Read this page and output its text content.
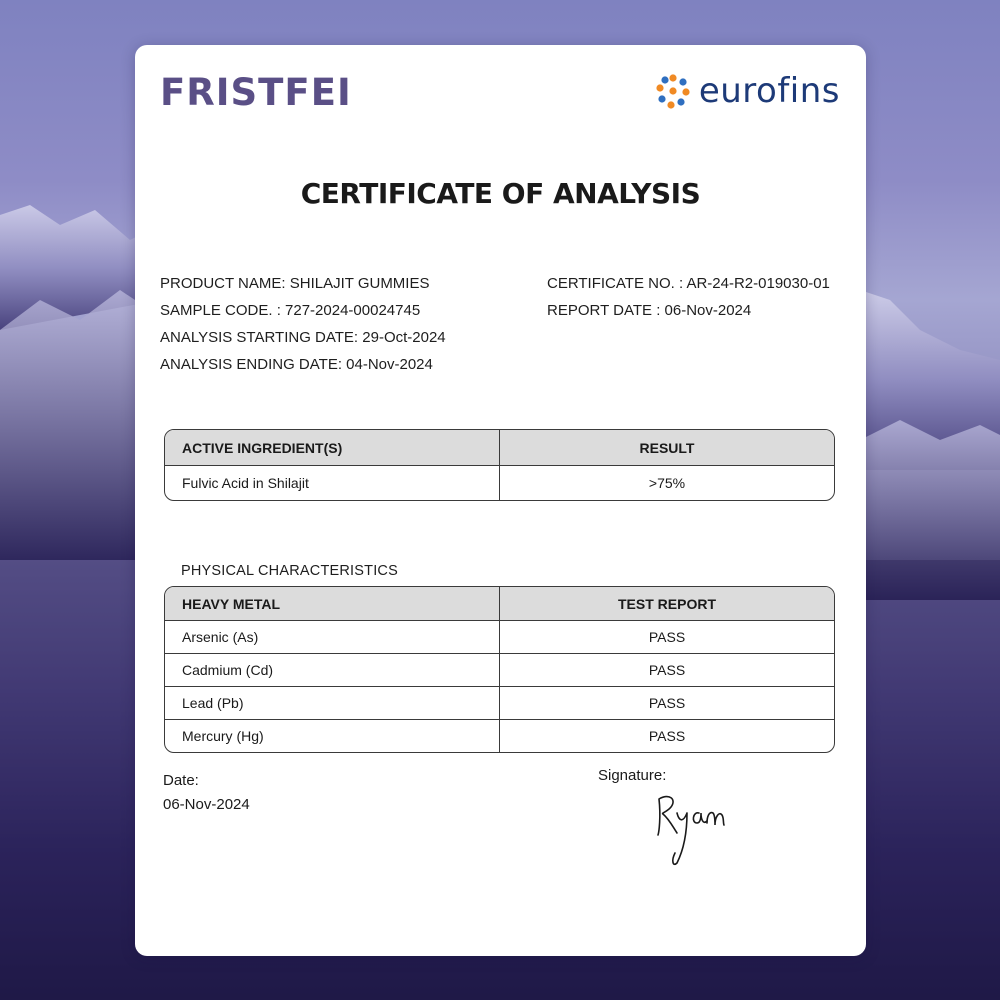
FRISTFEI	eurofins
CERTIFICATE OF ANALYSIS
PRODUCT NAME: SHILAJIT GUMMIES
SAMPLE CODE. : 727-2024-00024745
ANALYSIS STARTING DATE: 29-Oct-2024
ANALYSIS ENDING DATE: 04-Nov-2024
CERTIFICATE NO. : AR-24-R2-019030-01
REPORT DATE : 06-Nov-2024
ACTIVE INGREDIENT(S)	RESULT
Fulvic Acid in Shilajit	>75%
PHYSICAL CHARACTERISTICS
HEAVY METAL	TEST REPORT
Arsenic (As)	PASS
Cadmium (Cd)	PASS
Lead (Pb)	PASS
Mercury (Hg)	PASS
Date:
06-Nov-2024
Signature:
